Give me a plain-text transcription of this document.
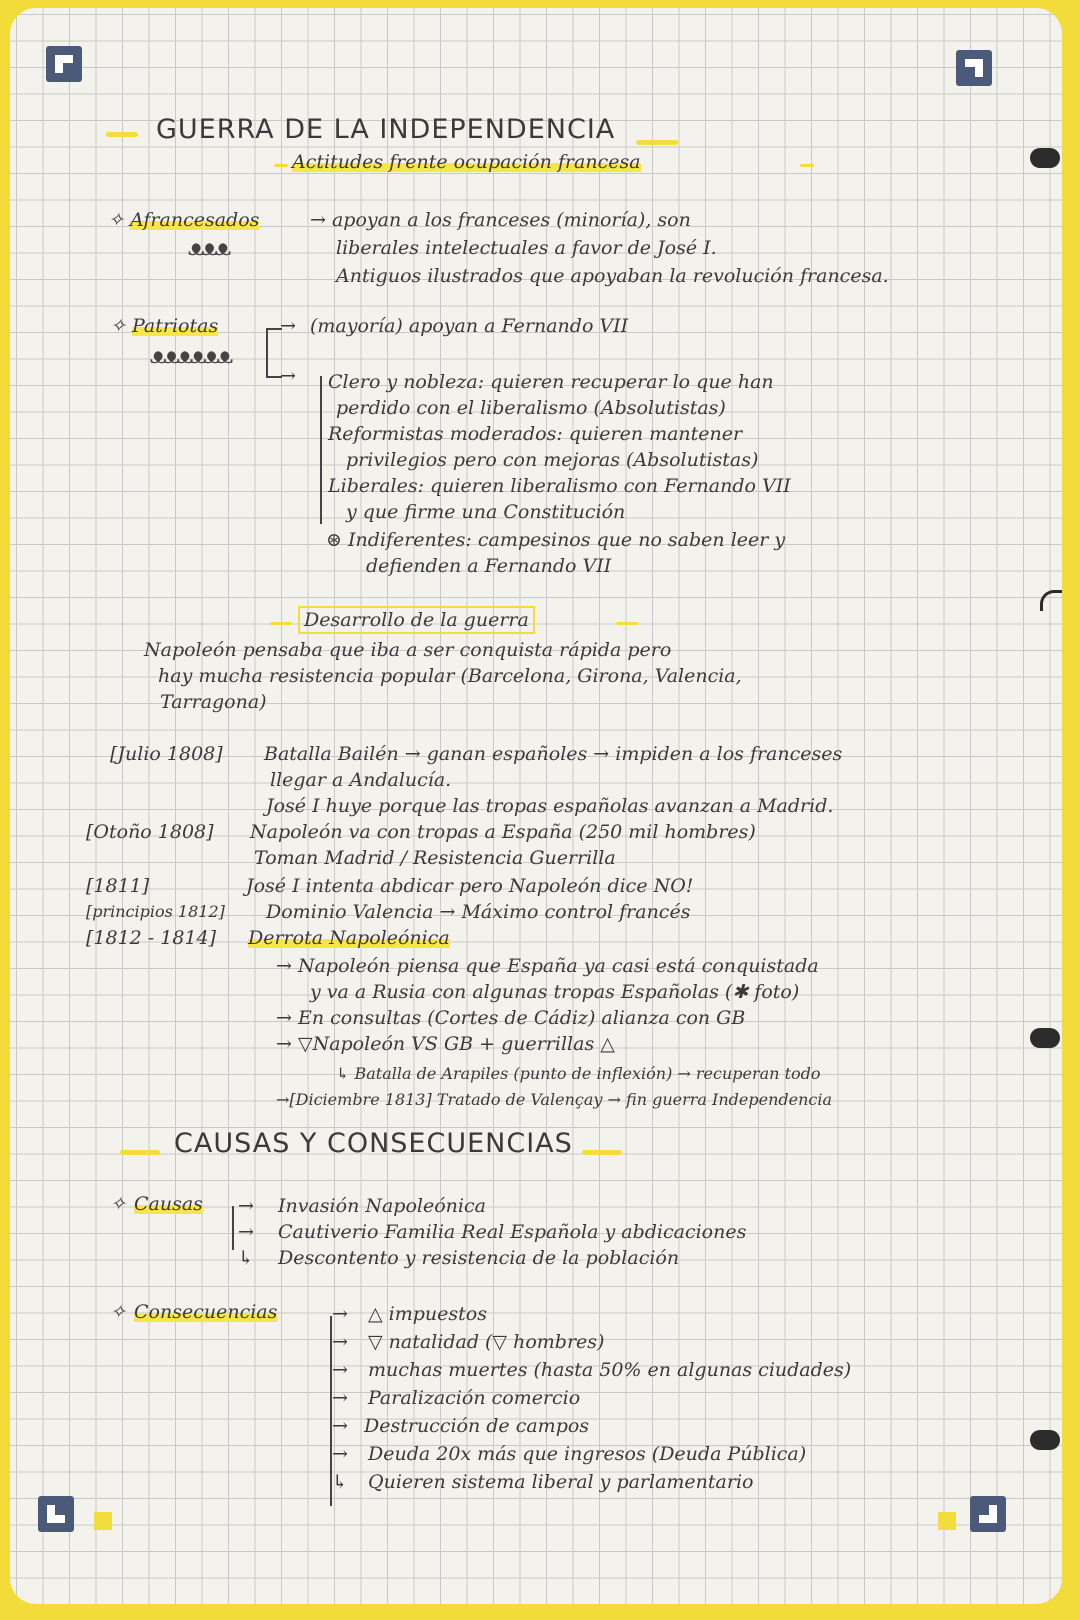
GUERRA DE LA INDEPENDENCIA
Actitudes frente ocupación francesa
✧ Afrancesados
ᴥᴥᴥ
→ apoyan a los franceses (minoría), son
liberales intelectuales a favor de José I.
Antiguos ilustrados que apoyaban la revolución francesa.
✧ Patriotas
ᴥᴥᴥᴥᴥᴥ
→ (mayoría) apoyan a Fernando VII
→ Clero y nobleza: quieren recuperar lo que han
perdido con el liberalismo (Absolutistas)
Reformistas moderados: quieren mantener
privilegios pero con mejoras (Absolutistas)
Liberales: quieren liberalismo con Fernando VII
y que firme una Constitución
⊛ Indiferentes: campesinos que no saben leer y
defienden a Fernando VII
Desarrollo de la guerra
Napoleón pensaba que iba a ser conquista rápida pero
hay mucha resistencia popular (Barcelona, Girona, Valencia,
Tarragona)
[Julio 1808] Batalla Bailén → ganan españoles → impiden a los franceses
llegar a Andalucía.
José I huye porque las tropas españolas avanzan a Madrid.
[Otoño 1808] Napoleón va con tropas a España (250 mil hombres)
Toman Madrid / Resistencia Guerrilla
[1811]	José I intenta abdicar pero Napoleón dice NO!
[principios 1812] Dominio Valencia → Máximo control francés
[1812 - 1814] Derrota Napoleónica
→ Napoleón piensa que España ya casi está conquistada
y va a Rusia con algunas tropas Españolas (✱ foto)
→ En consultas (Cortes de Cádiz) alianza con GB
→ ▽Napoleón VS GB + guerrillas △
↳ Batalla de Arapiles (punto de inflexión) → recuperan todo
→[Diciembre 1813] Tratado de Valençay → fin guerra Independencia
CAUSAS Y CONSECUENCIAS
✧ Causas → Invasión Napoleónica
→ Cautiverio Familia Real Española y abdicaciones
↳ Descontento y resistencia de la población
✧ Consecuencias	→ △ impuestos
→ ▽ natalidad (▽ hombres)
→ muchas muertes (hasta 50% en algunas ciudades)
→ Paralización comercio
→ Destrucción de campos
→ Deuda 20x más que ingresos (Deuda Pública)
↳ Quieren sistema liberal y parlamentario
